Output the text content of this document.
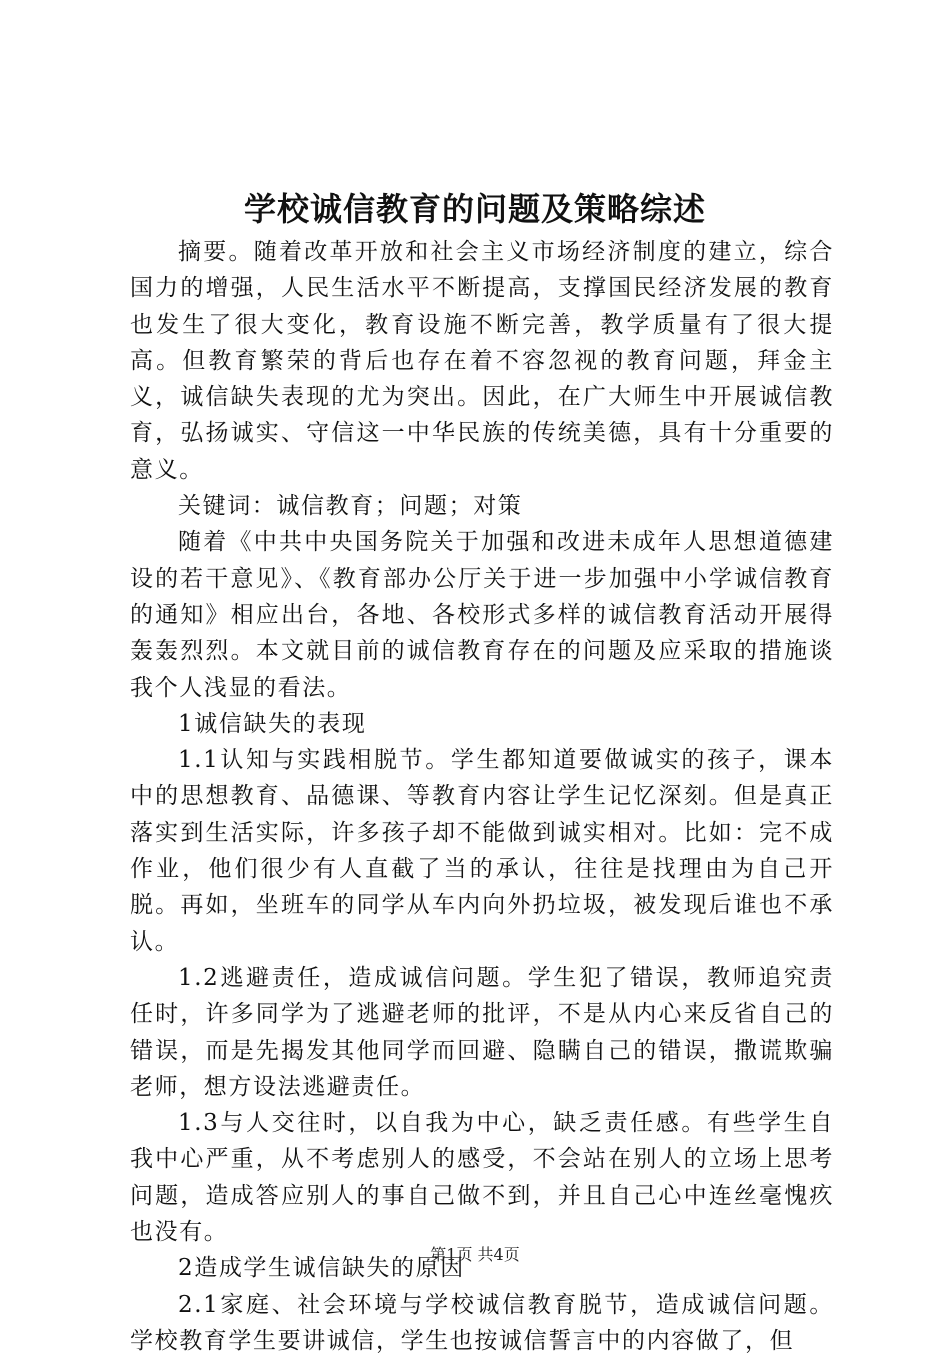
学校诚信教育的问题及策略综述

摘要。随着改革开放和社会主义市场经济制度的建立，综合国力的增强，人民生活水平不断提高，支撑国民经济发展的教育也发生了很大变化，教育设施不断完善，教学质量有了很大提高。但教育繁荣的背后也存在着不容忽视的教育问题，拜金主义，诚信缺失表现的尤为突出。因此，在广大师生中开展诚信教育，弘扬诚实、守信这一中华民族的传统美德，具有十分重要的意义。

关键词：诚信教育；问题；对策

随着《中共中央国务院关于加强和改进未成年人思想道德建设的若干意见》、《教育部办公厅关于进一步加强中小学诚信教育的通知》相应出台，各地、各校形式多样的诚信教育活动开展得轰轰烈烈。本文就目前的诚信教育存在的问题及应采取的措施谈我个人浅显的看法。

1诚信缺失的表现

1.1认知与实践相脱节。学生都知道要做诚实的孩子，课本中的思想教育、品德课、等教育内容让学生记忆深刻。但是真正落实到生活实际，许多孩子却不能做到诚实相对。比如：完不成作业，他们很少有人直截了当的承认，往往是找理由为自己开脱。再如，坐班车的同学从车内向外扔垃圾，被发现后谁也不承认。

1.2逃避责任，造成诚信问题。学生犯了错误，教师追究责任时，许多同学为了逃避老师的批评，不是从内心来反省自己的错误，而是先揭发其他同学而回避、隐瞒自己的错误，撒谎欺骗老师，想方设法逃避责任。

1.3与人交往时，以自我为中心，缺乏责任感。有些学生自我中心严重，从不考虑别人的感受，不会站在别人的立场上思考问题，造成答应别人的事自己做不到，并且自己心中连丝毫愧疚也没有。

2造成学生诚信缺失的原因

2.1家庭、社会环境与学校诚信教育脱节，造成诚信问题。学校教育学生要讲诚信，学生也按诚信誓言中的内容做了，但

第1页 共4页
